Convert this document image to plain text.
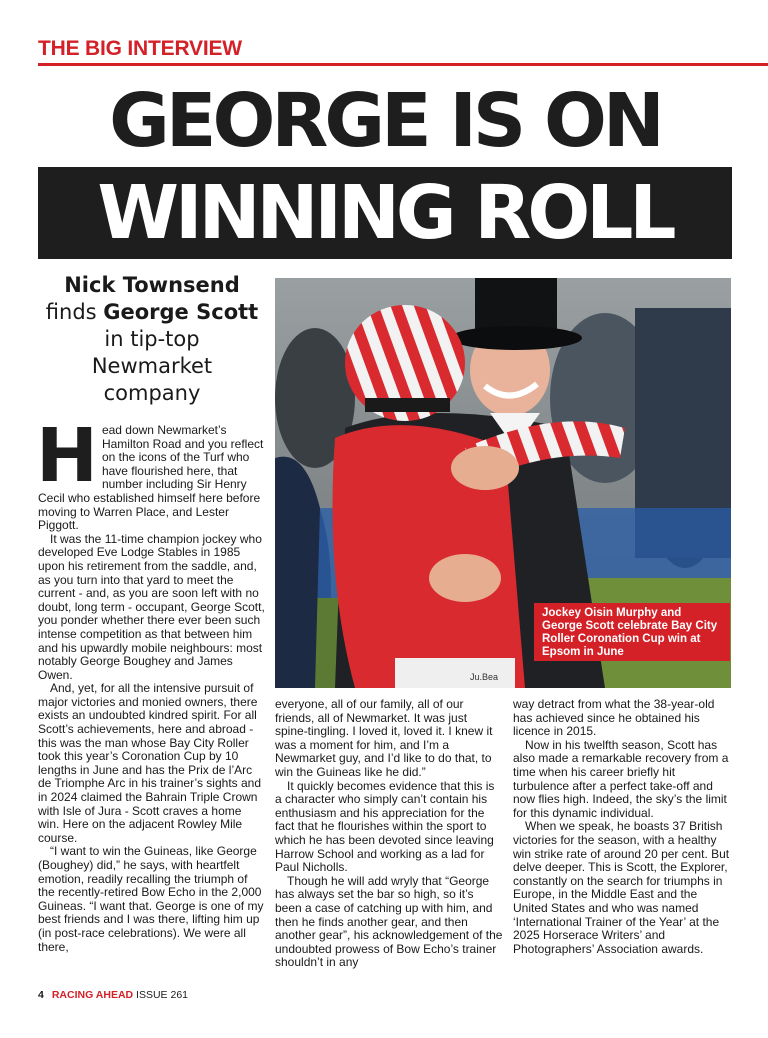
THE BIG INTERVIEW
GEORGE IS ON
WINNING ROLL
Nick Townsend
finds George Scott
in tip-top
Newmarket
company
Ju.Bea
Jockey Oisin Murphy and George Scott celebrate Bay City Roller Coronation Cup win at Epsom in June
H ead down Newmarket’s Hamilton Road and you reflect on the icons of the Turf who have flourished here, that number including Sir Henry Cecil who established himself here before moving to Warren Place, and Lester Piggott.

It was the 11-time champion jockey who developed Eve Lodge Stables in 1985 upon his retirement from the saddle, and, as you turn into that yard to meet the current - and, as you are soon left with no doubt, long term - occupant, George Scott, you ponder whether there ever been such intense competition as that between him and his upwardly mobile neighbours: most notably George Boughey and James Owen.

And, yet, for all the intensive pursuit of major victories and monied owners, there exists an undoubted kindred spirit. For all Scott’s achievements, here and abroad - this was the man whose Bay City Roller took this year’s Coronation Cup by 10 lengths in June and has the Prix de l’Arc de Triomphe Arc in his trainer’s sights and in 2024 claimed the Bahrain Triple Crown with Isle of Jura - Scott craves a home win. Here on the adjacent Rowley Mile course.

“I want to win the Guineas, like George (Boughey) did,” he says, with heartfelt emotion, readily recalling the triumph of the recently-retired Bow Echo in the 2,000 Guineas. “I want that. George is one of my best friends and I was there, lifting him up (in post-race celebrations). We were all there,

everyone, all of our family, all of our friends, all of Newmarket. It was just spine-tingling. I loved it, loved it. I knew it was a moment for him, and I’m a Newmarket guy, and I’d like to do that, to win the Guineas like he did.”

It quickly becomes evidence that this is a character who simply can’t contain his enthusiasm and his appreciation for the fact that he flourishes within the sport to which he has been devoted since leaving Harrow School and working as a lad for Paul Nicholls.

Though he will add wryly that “George has always set the bar so high, so it’s been a case of catching up with him, and then he finds another gear, and then another gear”, his acknowledgement of the undoubted prowess of Bow Echo’s trainer shouldn’t in any

way detract from what the 38-year-old has achieved since he obtained his licence in 2015.

Now in his twelfth season, Scott has also made a remarkable recovery from a time when his career briefly hit turbulence after a perfect take-off and now flies high. Indeed, the sky’s the limit for this dynamic individual.

When we speak, he boasts 37 British victories for the season, with a healthy win strike rate of around 20 per cent. But delve deeper. This is Scott, the Explorer, constantly on the search for triumphs in Europe, in the Middle East and the United States and who was named ‘International Trainer of the Year’ at the 2025 Horserace Writers’ and Photographers’ Association awards.

4 RACING AHEAD ISSUE 261
